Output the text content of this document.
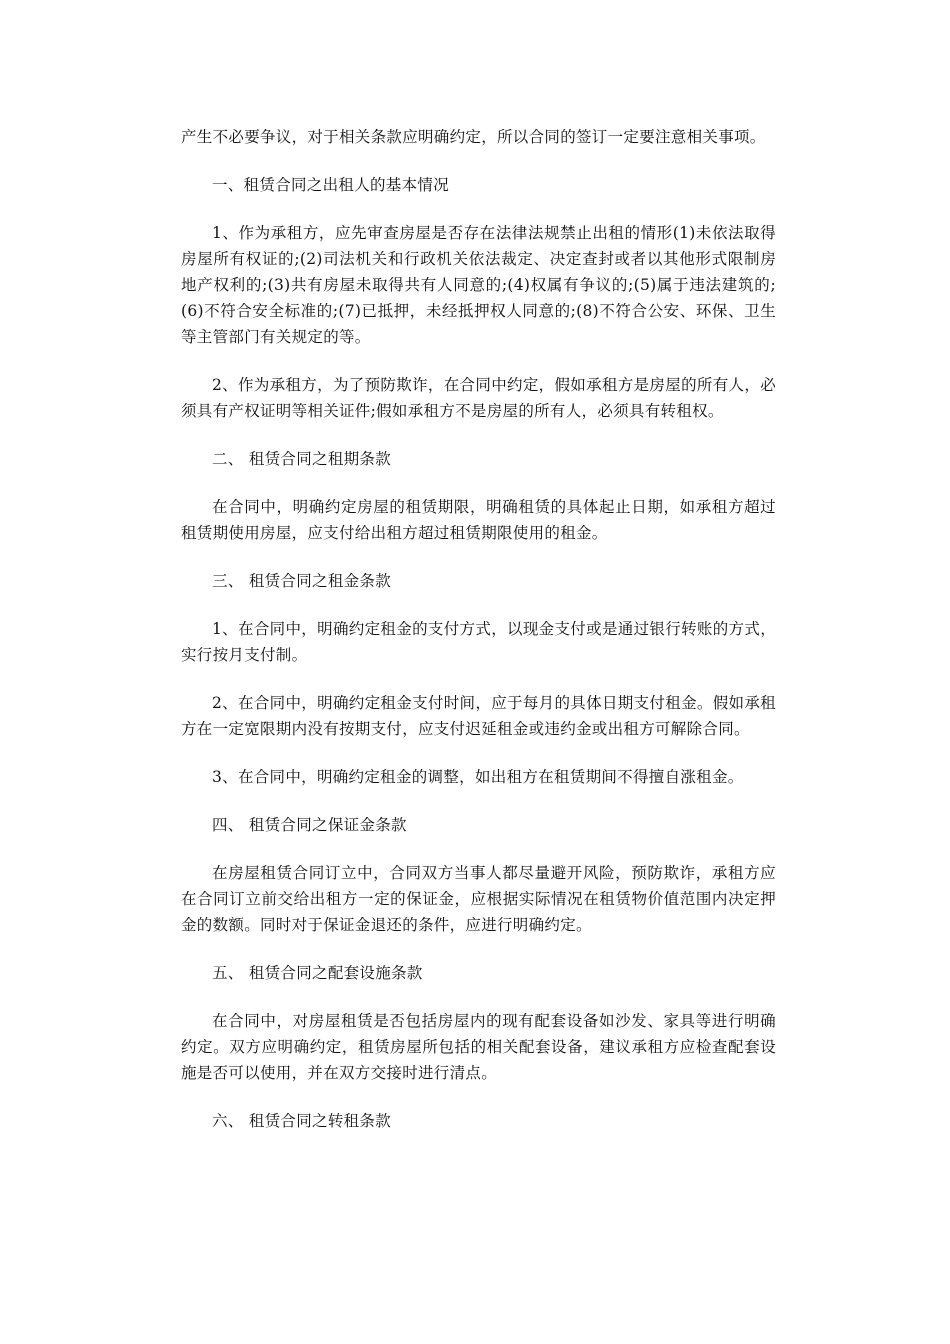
产生不必要争议，对于相关条款应明确约定，所以合同的签订一定要注意相关事项。

一、租赁合同之出租人的基本情况

1、作为承租方，应先审查房屋是否存在法律法规禁止出租的情形(1)未依法取得房屋所有权证的;(2)司法机关和行政机关依法裁定、决定查封或者以其他形式限制房地产权利的;(3)共有房屋未取得共有人同意的;(4)权属有争议的;(5)属于违法建筑的;(6)不符合安全标准的;(7)已抵押，未经抵押权人同意的;(8)不符合公安、环保、卫生等主管部门有关规定的等。

2、作为承租方，为了预防欺诈，在合同中约定，假如承租方是房屋的所有人，必须具有产权证明等相关证件;假如承租方不是房屋的所有人，必须具有转租权。

二、 租赁合同之租期条款

在合同中，明确约定房屋的租赁期限，明确租赁的具体起止日期，如承租方超过租赁期使用房屋，应支付给出租方超过租赁期限使用的租金。

三、 租赁合同之租金条款

1、在合同中，明确约定租金的支付方式，以现金支付或是通过银行转账的方式，实行按月支付制。

2、在合同中，明确约定租金支付时间，应于每月的具体日期支付租金。假如承租方在一定宽限期内没有按期支付，应支付迟延租金或违约金或出租方可解除合同。

3、在合同中，明确约定租金的调整，如出租方在租赁期间不得擅自涨租金。

四、 租赁合同之保证金条款

在房屋租赁合同订立中，合同双方当事人都尽量避开风险，预防欺诈，承租方应在合同订立前交给出租方一定的保证金，应根据实际情况在租赁物价值范围内决定押金的数额。同时对于保证金退还的条件，应进行明确约定。

五、 租赁合同之配套设施条款

在合同中，对房屋租赁是否包括房屋内的现有配套设备如沙发、家具等进行明确约定。双方应明确约定，租赁房屋所包括的相关配套设备，建议承租方应检查配套设施是否可以使用，并在双方交接时进行清点。

六、 租赁合同之转租条款
